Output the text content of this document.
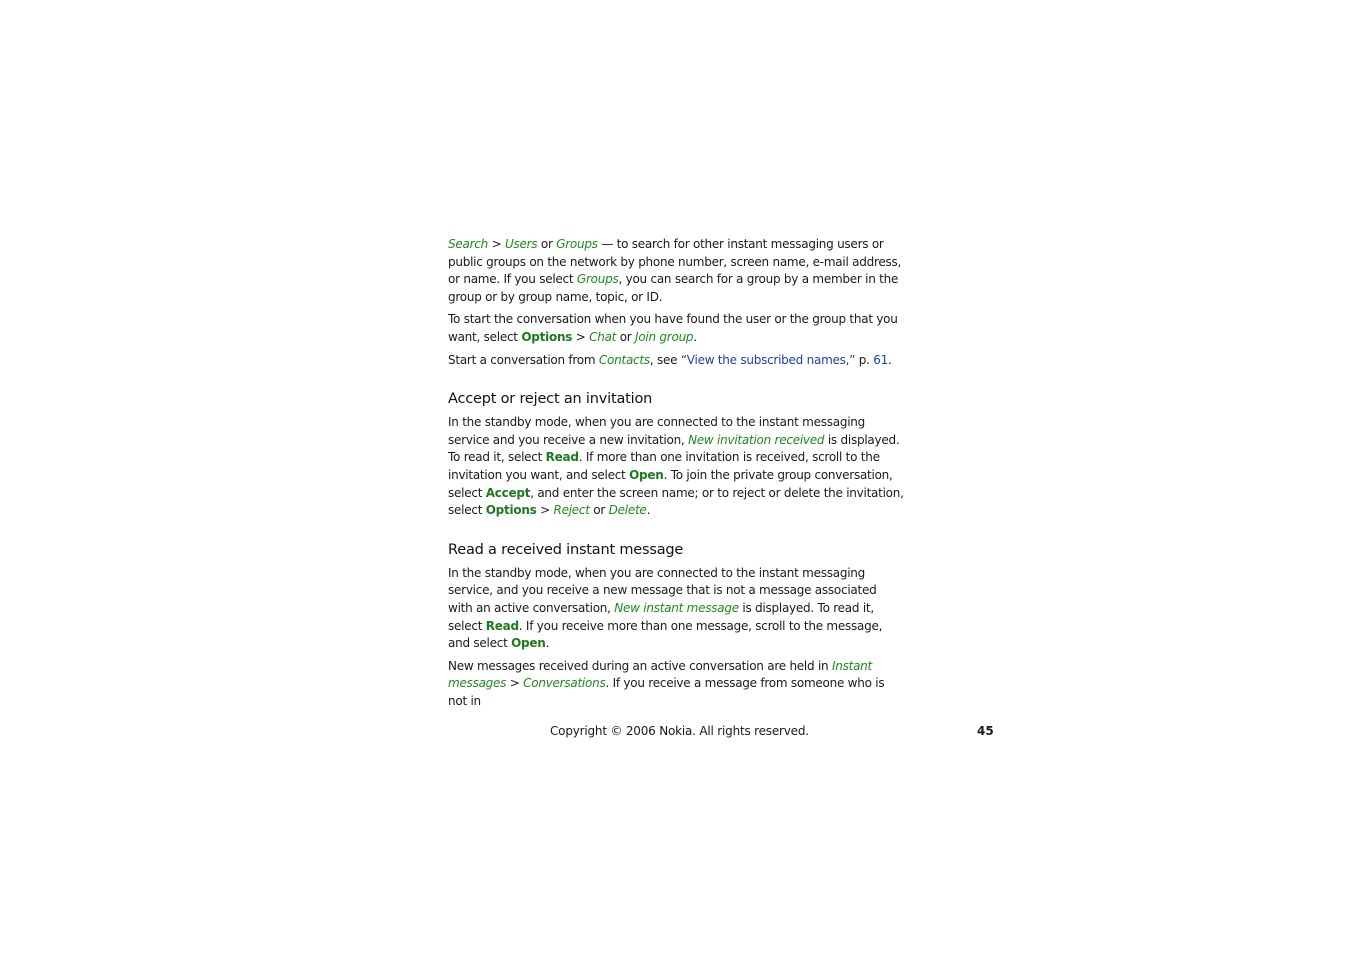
Search > Users or Groups — to search for other instant messaging users or public groups on the network by phone number, screen name, e-mail address, or name. If you select Groups, you can search for a group by a member in the group or by group name, topic, or ID.

To start the conversation when you have found the user or the group that you want, select Options > Chat or Join group.

Start a conversation from Contacts, see “View the subscribed names,” p. 61.

Accept or reject an invitation

In the standby mode, when you are connected to the instant messaging service and you receive a new invitation, New invitation received is displayed. To read it, select Read. If more than one invitation is received, scroll to the invitation you want, and select Open. To join the private group conversation, select Accept, and enter the screen name; or to reject or delete the invitation, select Options > Reject or Delete.

Read a received instant message

In the standby mode, when you are connected to the instant messaging service, and you receive a new message that is not a message associated with an active conversation, New instant message is displayed. To read it, select Read. If you receive more than one message, scroll to the message, and select Open.

New messages received during an active conversation are held in Instant messages > Conversations. If you receive a message from someone who is not in

Copyright © 2006 Nokia. All rights reserved.	45
